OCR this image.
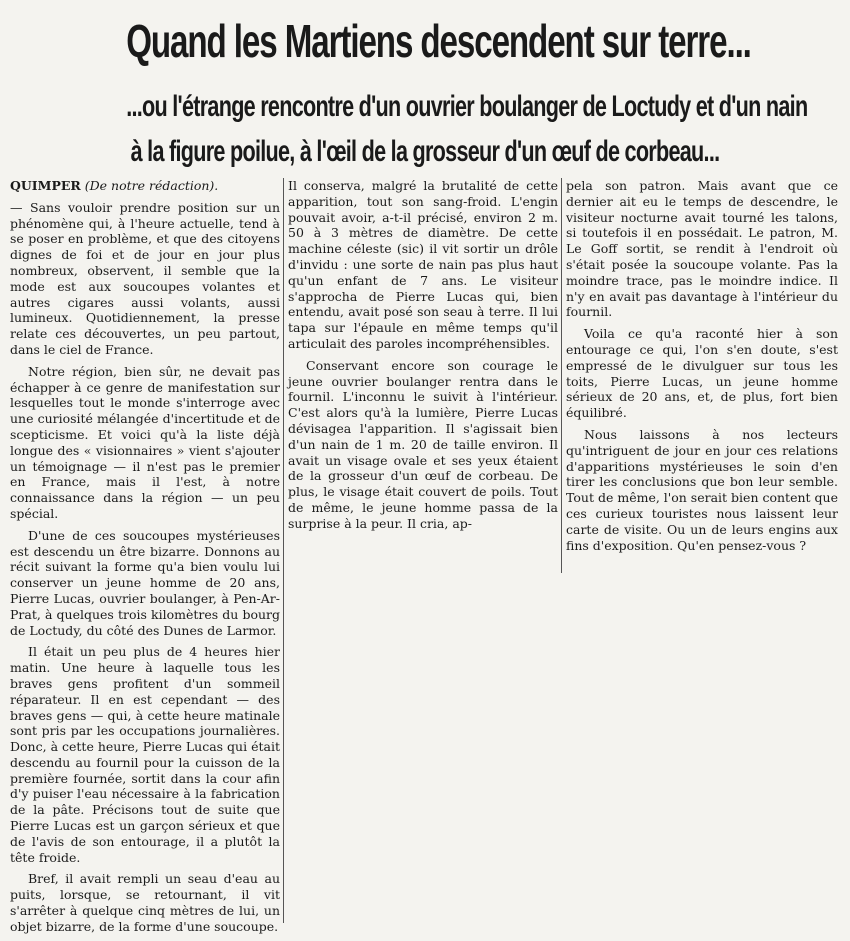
Quand les Martiens descendent sur terre...
...ou l'étrange rencontre d'un ouvrier boulanger de Loctudy et d'un nain
à la figure poilue, à l'œil de la grosseur d'un œuf de corbeau...

QUIMPER (De notre rédaction).

— Sans vouloir prendre position sur un phénomène qui, à l'heure actuelle, tend à se poser en problème, et que des citoyens dignes de foi et de jour en jour plus nombreux, observent, il semble que la mode est aux soucoupes volantes et autres cigares aussi volants, aussi lumineux. Quotidiennement, la presse relate ces découvertes, un peu partout, dans le ciel de France.

Notre région, bien sûr, ne devait pas échapper à ce genre de manifestation sur lesquelles tout le monde s'interroge avec une curiosité mélangée d'incertitude et de scepticisme. Et voici qu'à la liste déjà longue des « visionnaires » vient s'ajouter un témoignage — il n'est pas le premier en France, mais il l'est, à notre connaissance dans la région — un peu spécial.

D'une de ces soucoupes mystérieuses est descendu un être bizarre. Donnons au récit suivant la forme qu'a bien voulu lui conserver un jeune homme de 20 ans, Pierre Lucas, ouvrier boulanger, à Pen-Ar-Prat, à quelques trois kilomètres du bourg de Loctudy, du côté des Dunes de Larmor.

Il était un peu plus de 4 heures hier matin. Une heure à laquelle tous les braves gens profitent d'un sommeil réparateur. Il en est cependant — des braves gens — qui, à cette heure matinale sont pris par les occupations journalières. Donc, à cette heure, Pierre Lucas qui était descendu au fournil pour la cuisson de la première fournée, sortit dans la cour afin d'y puiser l'eau nécessaire à la fabrication de la pâte. Précisons tout de suite que Pierre Lucas est un garçon sérieux et que de l'avis de son entourage, il a plutôt la tête froide.

Bref, il avait rempli un seau d'eau au puits, lorsque, se retournant, il vit s'arrêter à quelque cinq mètres de lui, un objet bizarre, de la forme d'une soucoupe.

Il conserva, malgré la brutalité de cette apparition, tout son sang-froid. L'engin pouvait avoir, a-t-il précisé, environ 2 m. 50 à 3 mètres de diamètre. De cette machine céleste (sic) il vit sortir un drôle d'invidu : une sorte de nain pas plus haut qu'un enfant de 7 ans. Le visiteur s'approcha de Pierre Lucas qui, bien entendu, avait posé son seau à terre. Il lui tapa sur l'épaule en même temps qu'il articulait des paroles incompréhensibles.

Conservant encore son courage le jeune ouvrier boulanger rentra dans le fournil. L'inconnu le suivit à l'intérieur. C'est alors qu'à la lumière, Pierre Lucas dévisagea l'apparition. Il s'agissait bien d'un nain de 1 m. 20 de taille environ. Il avait un visage ovale et ses yeux étaient de la grosseur d'un œuf de corbeau. De plus, le visage était couvert de poils. Tout de même, le jeune homme passa de la surprise à la peur. Il cria, ap-

pela son patron. Mais avant que ce dernier ait eu le temps de descendre, le visiteur nocturne avait tourné les talons, si toutefois il en possédait. Le patron, M. Le Goff sortit, se rendit à l'endroit où s'était posée la soucoupe volante. Pas la moindre trace, pas le moindre indice. Il n'y en avait pas davantage à l'intérieur du fournil.

Voila ce qu'a raconté hier à son entourage ce qui, l'on s'en doute, s'est empressé de le divulguer sur tous les toits, Pierre Lucas, un jeune homme sérieux de 20 ans, et, de plus, fort bien équilibré.

Nous laissons à nos lecteurs qu'intriguent de jour en jour ces relations d'apparitions mystérieuses le soin d'en tirer les conclusions que bon leur semble. Tout de même, l'on serait bien content que ces curieux touristes nous laissent leur carte de visite. Ou un de leurs engins aux fins d'exposition. Qu'en pensez-vous ?
